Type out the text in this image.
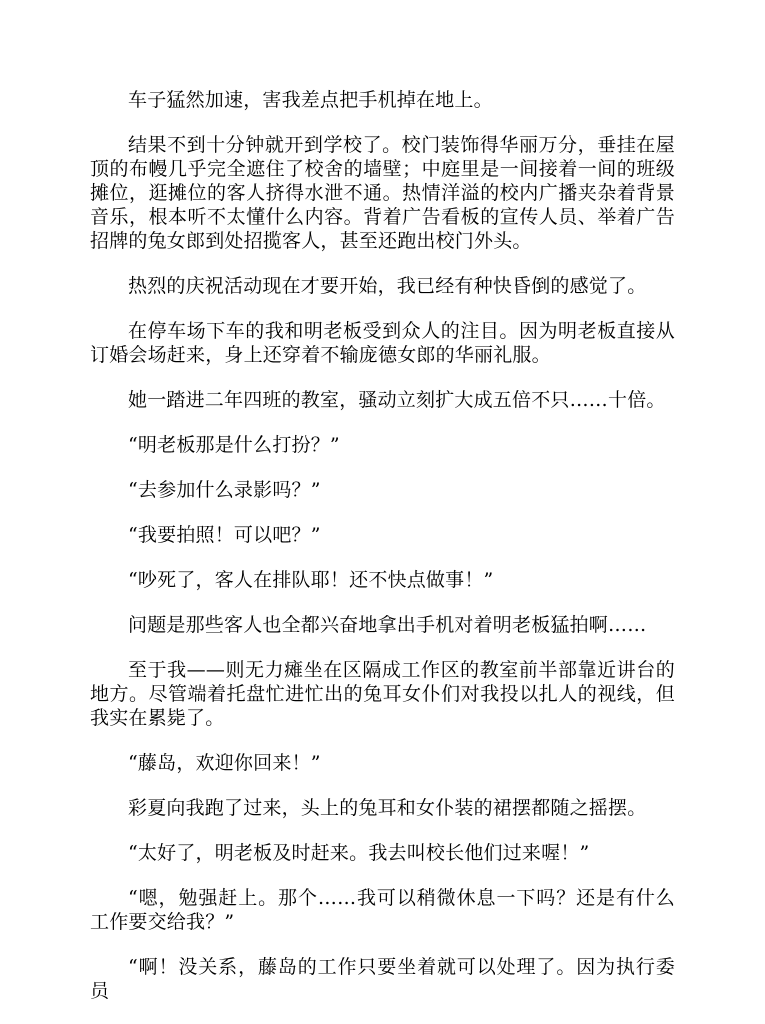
车子猛然加速，害我差点把手机掉在地上。

结果不到十分钟就开到学校了。校门装饰得华丽万分，垂挂在屋顶的布幔几乎完全遮住了校舍的墙壁；中庭里是一间接着一间的班级摊位，逛摊位的客人挤得水泄不通。热情洋溢的校内广播夹杂着背景音乐，根本听不太懂什么内容。背着广告看板的宣传人员、举着广告招牌的兔女郎到处招揽客人，甚至还跑出校门外头。

热烈的庆祝活动现在才要开始，我已经有种快昏倒的感觉了。

在停车场下车的我和明老板受到众人的注目。因为明老板直接从订婚会场赶来，身上还穿着不输庞德女郎的华丽礼服。

她一踏进二年四班的教室，骚动立刻扩大成五倍不只……十倍。

“明老板那是什么打扮？”

“去参加什么录影吗？”

“我要拍照！可以吧？”

“吵死了，客人在排队耶！还不快点做事！”

问题是那些客人也全都兴奋地拿出手机对着明老板猛拍啊……

至于我——则无力瘫坐在区隔成工作区的教室前半部靠近讲台的地方。尽管端着托盘忙进忙出的兔耳女仆们对我投以扎人的视线，但我实在累毙了。

“藤岛，欢迎你回来！”

彩夏向我跑了过来，头上的兔耳和女仆装的裙摆都随之摇摆。

“太好了，明老板及时赶来。我去叫校长他们过来喔！”

“嗯，勉强赶上。那个……我可以稍微休息一下吗？还是有什么工作要交给我？”

“啊！没关系，藤岛的工作只要坐着就可以处理了。因为执行委员
